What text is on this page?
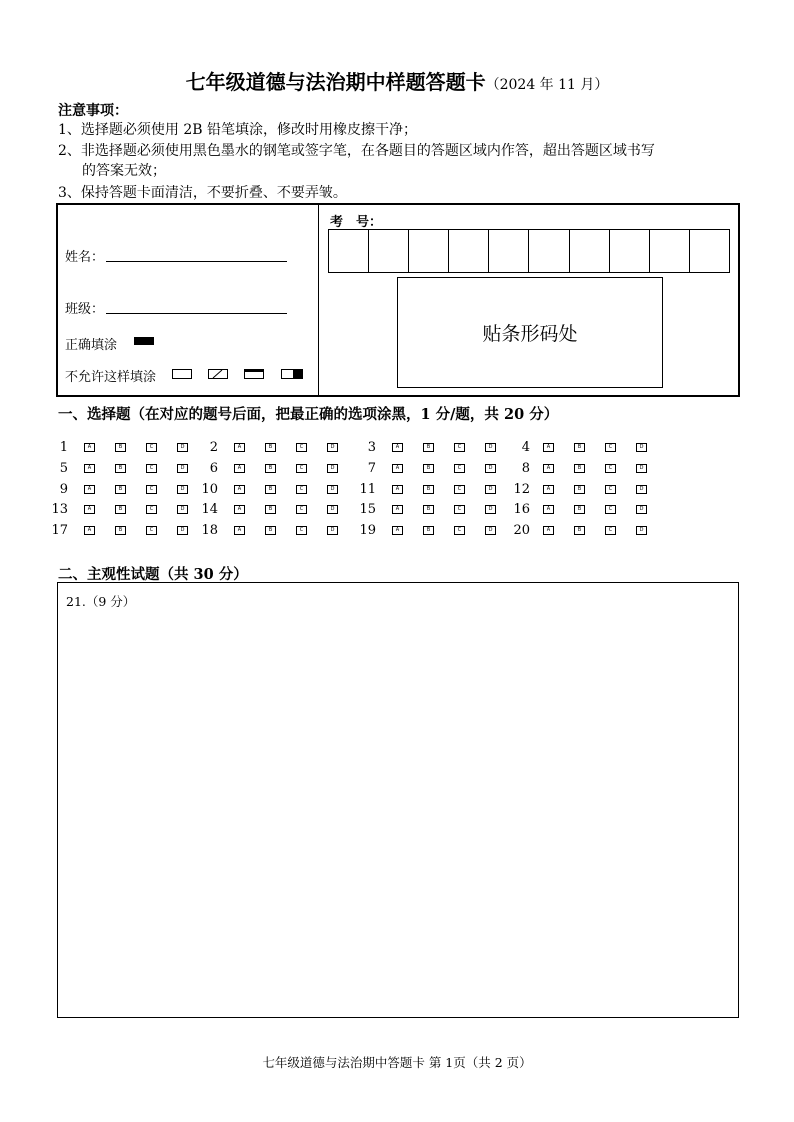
七年级道德与法治期中样题答题卡（2024 年 11 月）
注意事项：
1、选择题必须使用 2B 铅笔填涂，修改时用橡皮擦干净；
2、非选择题必须使用黑色墨水的钢笔或签字笔，在各题目的答题区域内作答，超出答题区域书写
的答案无效；
3、保持答题卡面清洁，不要折叠、不要弄皱。
姓名：
班级：
正确填涂
不允许这样填涂
考　号：
贴条形码处
一、选择题（在对应的题号后面，把最正确的选项涂黑，1 分/题，共 20 分）
二、主观性试题（共 30 分）
21.（9 分）
七年级道德与法治期中答题卡 第 1页（共 2 页）
1	A	B	C	D	2	A	B	C	D	3	A	B	C	D	4	A	B	C	D
5	A	B	C	D	6	A	B	C	D	7	A	B	C	D	8	A	B	C	D
9	A	B	C	D	10	A	B	C	D	11	A	B	C	D	12	A	B	C	D
13	A	B	C	D	14	A	B	C	D	15	A	B	C	D	16	A	B	C	D
17	A	B	C	D	18	A	B	C	D	19	A	B	C	D	20	A	B	C	D
